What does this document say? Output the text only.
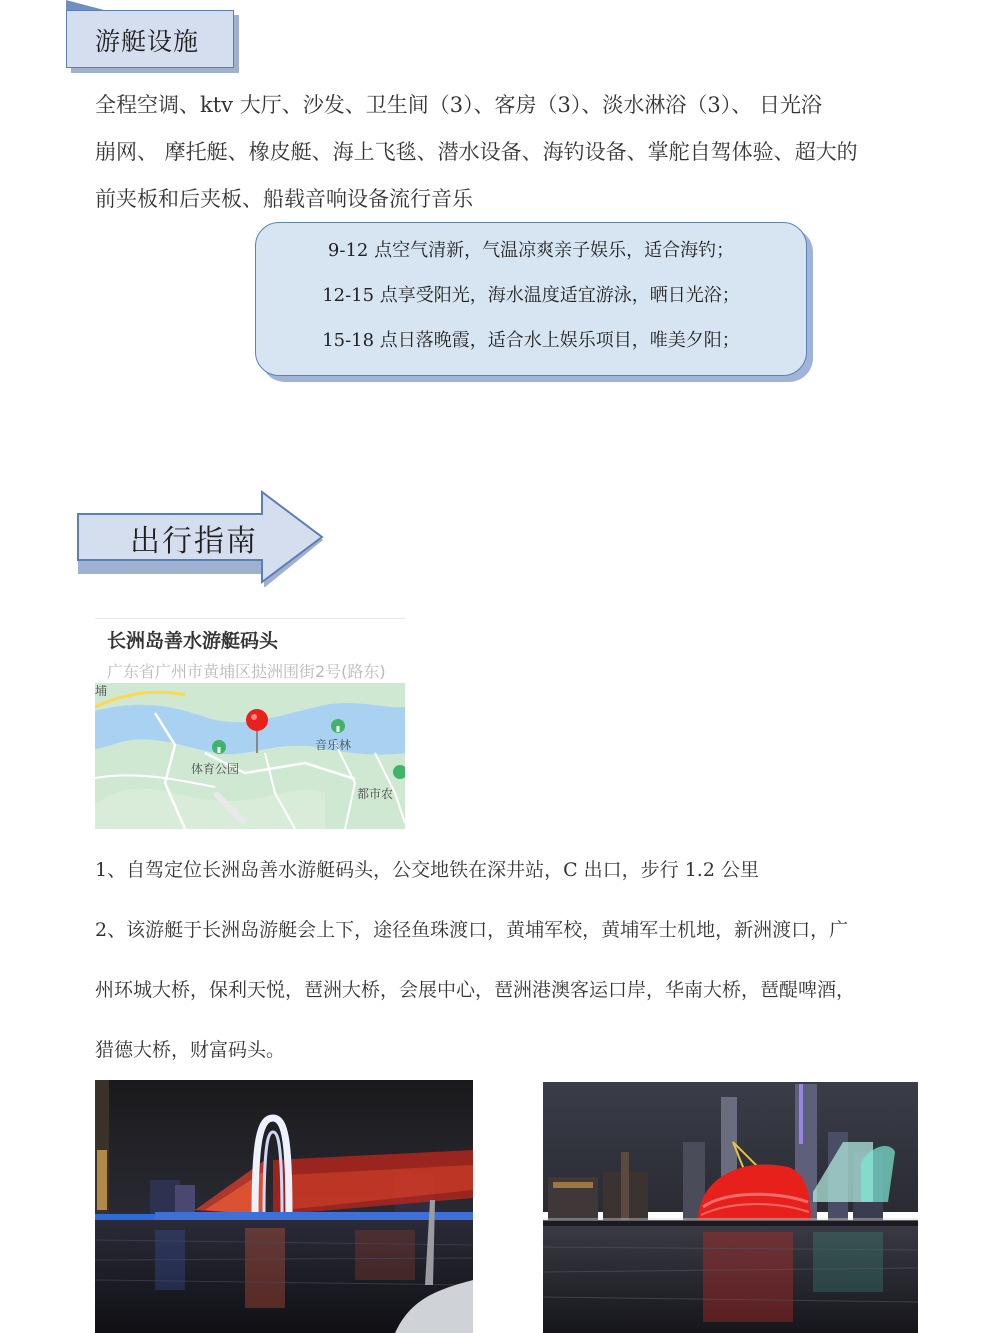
游艇设施
全程空调、ktv 大厅、沙发、卫生间（3）、客房（3）、淡水淋浴（3）、 日光浴
崩网、 摩托艇、橡皮艇、海上飞毯、潜水设备、海钓设备、掌舵自驾体验、超大的
前夹板和后夹板、船载音响设备流行音乐
9-12 点空气清新，气温凉爽亲子娱乐，适合海钓；
12-15 点享受阳光，海水温度适宜游泳，晒日光浴；
15-18 点日落晚霞，适合水上娱乐项目，唯美夕阳；
出行指南
长洲岛善水游艇码头
广东省广州市黄埔区挞洲围街2号(路东)
体育公园
音乐林
都市农
埔
1、自驾定位长洲岛善水游艇码头，公交地铁在深井站，C 出口，步行 1.2 公里
2、该游艇于长洲岛游艇会上下，途径鱼珠渡口，黄埔军校，黄埔军士机地，新洲渡口，广
州环城大桥，保利天悦，琶洲大桥，会展中心，琶洲港澳客运口岸，华南大桥，琶醍啤酒，
猎德大桥，财富码头。
